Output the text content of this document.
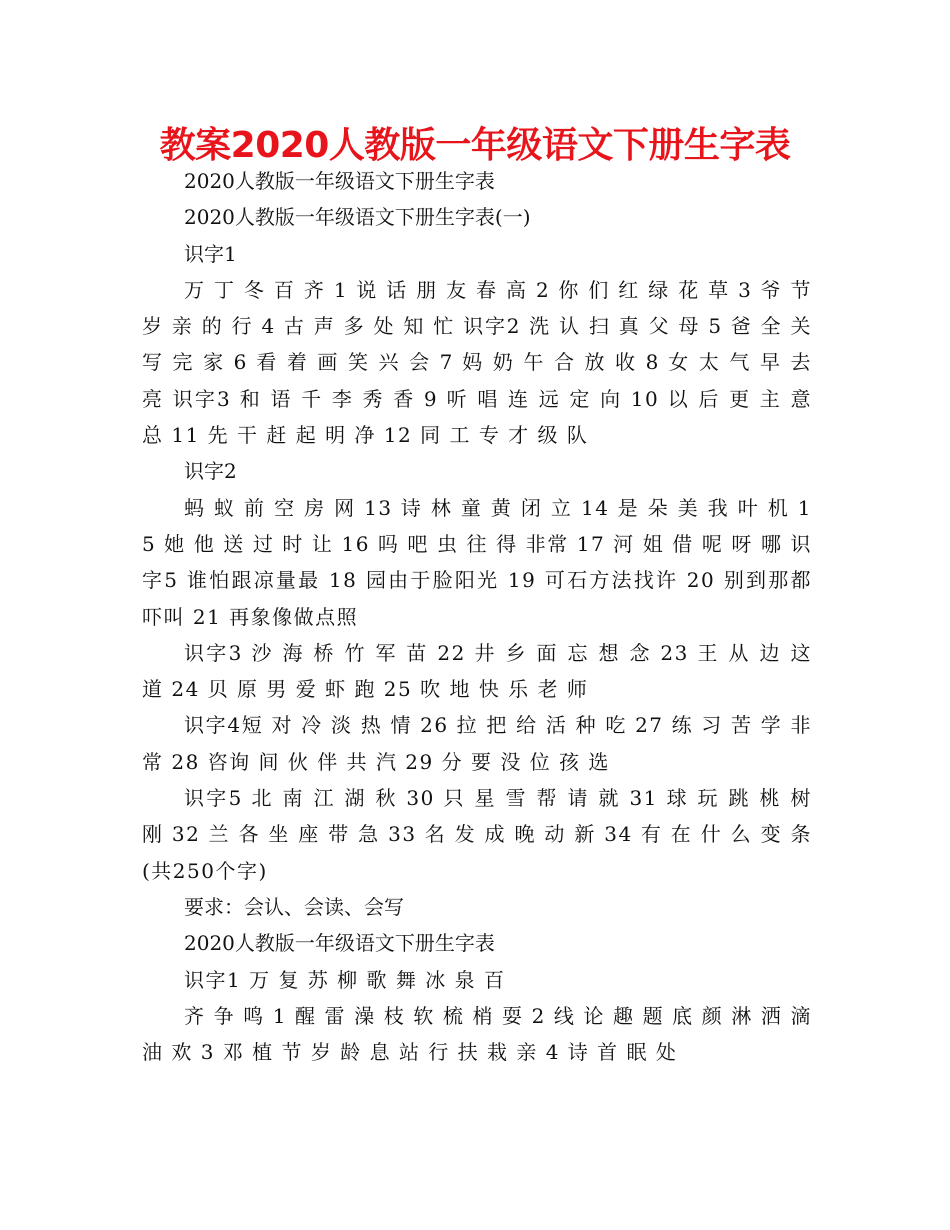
教案2020人教版一年级语文下册生字表

2020人教版一年级语文下册生字表

2020人教版一年级语文下册生字表(一)

识字1

万 丁 冬 百 齐 1 说 话 朋 友 春 高 2 你 们 红 绿 花 草 3 爷 节 岁 亲 的 行 4 古 声 多 处 知 忙 识字2 洗 认 扫 真 父 母 5 爸 全 关 写 完 家 6 看 着 画 笑 兴 会 7 妈 奶 午 合 放 收 8 女 太 气 早 去 亮 识字3 和 语 千 李 秀 香 9 听 唱 连 远 定 向 10 以 后 更 主 意 总 11 先 干 赶 起 明 净 12 同 工 专 才 级 队

识字2

蚂 蚁 前 空 房 网 13 诗 林 童 黄 闭 立 14 是 朵 美 我 叶 机 15 她 他 送 过 时 让 16 吗 吧 虫 往 得 非常 17 河 姐 借 呢 呀 哪 识字5 谁怕跟凉量最 18 园由于脸阳光 19 可石方法找许 20 别到那都吓叫 21 再象像做点照

识字3 沙 海 桥 竹 军 苗 22 井 乡 面 忘 想 念 23 王 从 边 这 道 24 贝 原 男 爱 虾 跑 25 吹 地 快 乐 老 师

识字4短 对 冷 淡 热 情 26 拉 把 给 活 种 吃 27 练 习 苦 学 非 常 28 咨询 间 伙 伴 共 汽 29 分 要 没 位 孩 选

识字5 北 南 江 湖 秋 30 只 星 雪 帮 请 就 31 球 玩 跳 桃 树 刚 32 兰 各 坐 座 带 急 33 名 发 成 晚 动 新 34 有 在 什 么 变 条 (共250个字)

要求：会认、会读、会写

2020人教版一年级语文下册生字表

识字1 万 复 苏 柳 歌 舞 冰 泉 百

齐 争 鸣 1 醒 雷 澡 枝 软 梳 梢 耍 2 线 论 趣 题 底 颜 淋 洒 滴 油 欢 3 邓 植 节 岁 龄 息 站 行 扶 栽 亲 4 诗 首 眠 处
